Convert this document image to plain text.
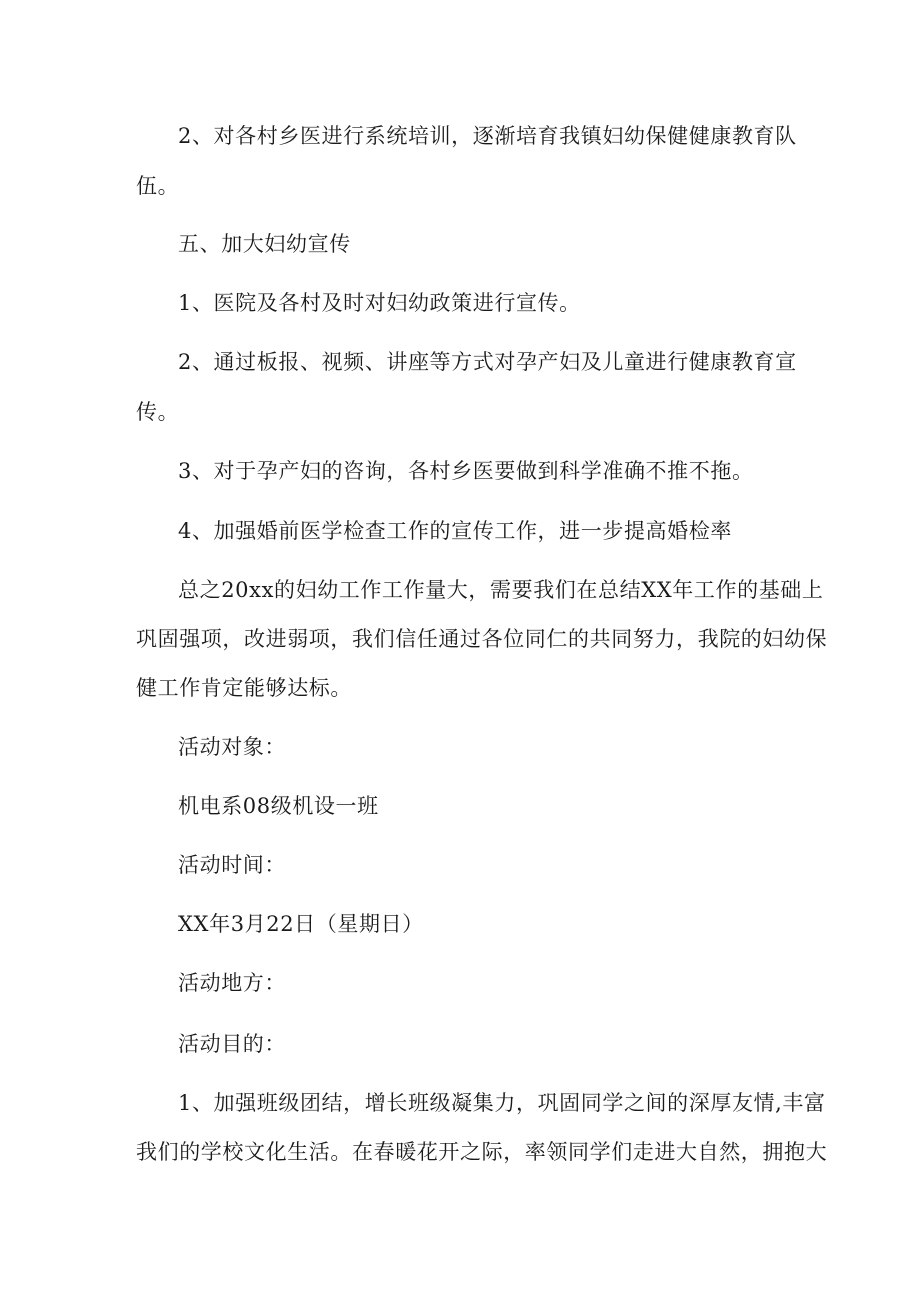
2、对各村乡医进行系统培训，逐渐培育我镇妇幼保健健康教育队
伍。
五、加大妇幼宣传
1、医院及各村及时对妇幼政策进行宣传。
2、通过板报、视频、讲座等方式对孕产妇及儿童进行健康教育宣
传。
3、对于孕产妇的咨询，各村乡医要做到科学准确不推不拖。
4、加强婚前医学检查工作的宣传工作，进一步提高婚检率
总之20xx的妇幼工作工作量大，需要我们在总结XX年工作的基础上
巩固强项，改进弱项，我们信任通过各位同仁的共同努力，我院的妇幼保
健工作肯定能够达标。
活动对象：
机电系08级机设一班
活动时间：
XX年3月22日（星期日）
活动地方：
活动目的：
1、加强班级团结，增长班级凝集力，巩固同学之间的深厚友情,丰富
我们的学校文化生活。在春暖花开之际，率领同学们走进大自然，拥抱大
